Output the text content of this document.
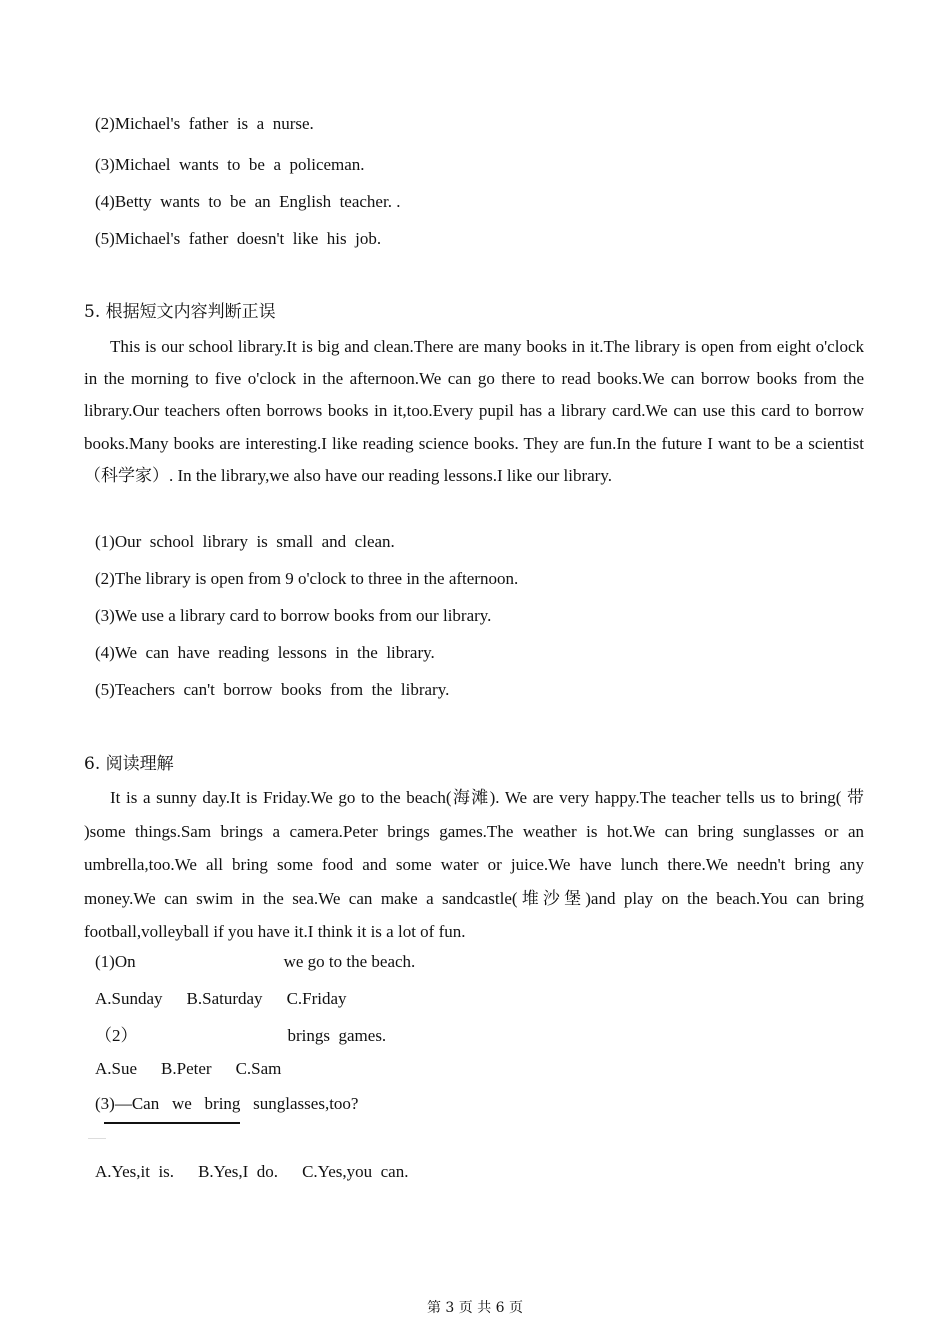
(2)Michael's  father  is  a  nurse.
(3)Michael  wants  to  be  a  policeman.
(4)Betty  wants  to  be  an  English  teacher. .
(5)Michael's  father  doesn't  like  his  job.
5. 根据短文内容判断正误

This is our school library.It is big and clean.There are many books in it.The library is open from eight o'clock in the morning to five o'clock in the afternoon.We can go there to read books.We can borrow books from the library.Our teachers often borrows books in it,too.Every pupil has a library card.We can use this card to borrow books.Many books are interesting.I like reading science books. They are fun.In the future I want to be a scientist（科学家）. In the library,we also have our reading lessons.I like our library.

(1)Our  school  library  is  small  and  clean.
(2)The library is open from 9 o'clock to three in the afternoon.
(3)We use a library card to borrow books from our library.
(4)We  can  have  reading  lessons  in  the  library.
(5)Teachers  can't  borrow  books  from  the  library.
6. 阅读理解

It is a sunny day.It is Friday.We go to the beach(海滩). We are very happy.The teacher tells us to bring( 带 )some things.Sam brings a camera.Peter brings games.The weather is hot.We can bring sunglasses or an umbrella,too.We all bring some food and some water or juice.We have lunch there.We needn't bring any money.We can swim in the sea.We can make a sandcastle(堆沙堡)and play on the beach.You can bring football,volleyball if you have it.I think it is a lot of fun.

(1)On	we go to the beach.
A.Sunday B.Saturday C.Friday
（2）	brings  games.
A.Sue B.Peter C.Sam
(3)—Can   we   bring   sunglasses,too?
A.Yes,it  is. B.Yes,I  do. C.Yes,you  can.
第 3 页 共 6 页
